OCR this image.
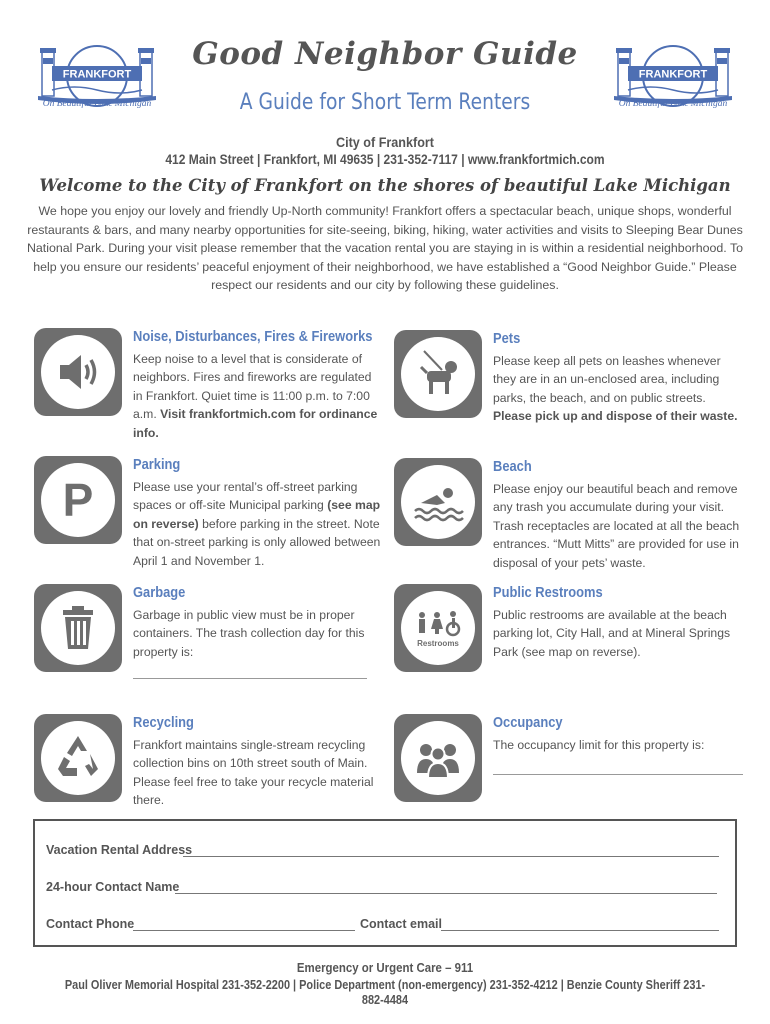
FRANKFORT
On Beautiful Lake Michigan
FRANKFORT
On Beautiful Lake Michigan
Good Neighbor Guide
A Guide for Short Term Renters
City of Frankfort
412 Main Street | Frankfort, MI 49635 | 231-352-7117 | www.frankfortmich.com
Welcome to the City of Frankfort on the shores of beautiful Lake Michigan
We hope you enjoy our lovely and friendly Up-North community! Frankfort offers a spectacular beach, unique shops, wonderful restaurants & bars, and many nearby opportunities for site-seeing, biking, hiking, water activities and visits to Sleeping Bear Dunes National Park. During your visit please remember that the vacation rental you are staying in is within a residential neighborhood. To help you ensure our residents’ peaceful enjoyment of their neighborhood, we have established a “Good Neighbor Guide.” Please respect our residents and our city by following these guidelines.
Noise, Disturbances, Fires & Fireworks
Keep noise to a level that is considerate of neighbors. Fires and fireworks are regulated in Frankfort. Quiet time is 11:00 p.m. to 7:00 a.m. Visit frankfortmich.com for ordinance info.
Pets
Please keep all pets on leashes whenever they are in an un-enclosed area, including parks, the beach, and on public streets. Please pick up and dispose of their waste.
P
Parking
Please use your rental’s off-street parking spaces or off-site Municipal parking (see map on reverse) before parking in the street. Note that on-street parking is only allowed between April 1 and November 1.
Beach
Please enjoy our beautiful beach and remove any trash you accumulate during your visit. Trash receptacles are located at all the beach entrances. “Mutt Mitts” are provided for use in disposal of your pets’ waste.
Garbage
Garbage in public view must be in proper containers. The trash collection day for this property is:
Restrooms
Public Restrooms
Public restrooms are available at the beach parking lot, City Hall, and at Mineral Springs Park (see map on reverse).
Recycling
Frankfort maintains single-stream recycling collection bins on 10th street south of Main. Please feel free to take your recycle material there.
Occupancy
The occupancy limit for this property is:
Vacation Rental Address
24-hour Contact Name
Contact Phone	Contact email
Emergency or Urgent Care – 911
Paul Oliver Memorial Hospital 231-352-2200 | Police Department (non-emergency) 231-352-4212 | Benzie County Sheriff 231-882-4484
